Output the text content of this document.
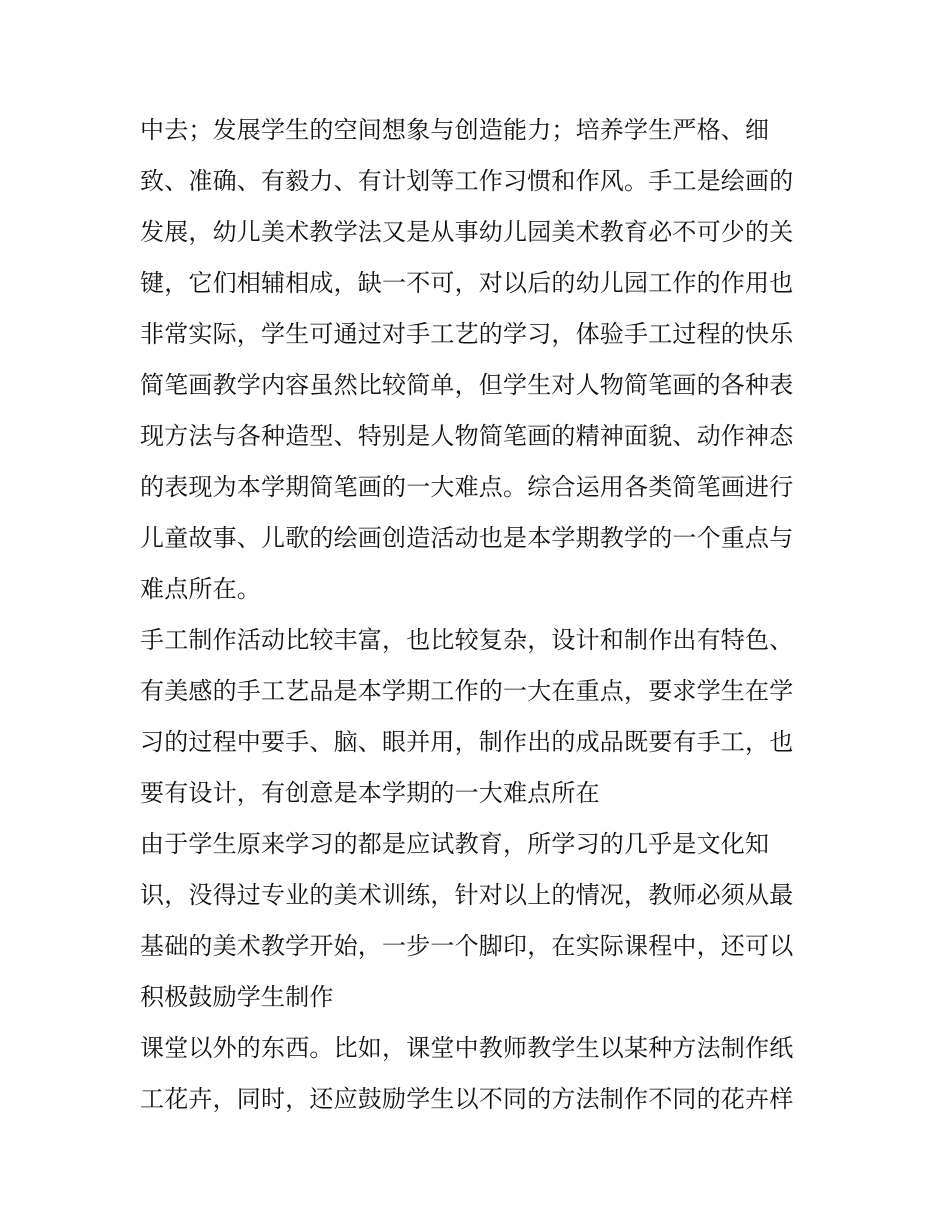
中去；发展学生的空间想象与创造能力；培养学生严格、细
致、准确、有毅力、有计划等工作习惯和作风。手工是绘画的
发展，幼儿美术教学法又是从事幼儿园美术教育必不可少的关
键，它们相辅相成，缺一不可，对以后的幼儿园工作的作用也
非常实际，学生可通过对手工艺的学习，体验手工过程的快乐
简笔画教学内容虽然比较简单，但学生对人物简笔画的各种表
现方法与各种造型、特别是人物简笔画的精神面貌、动作神态
的表现为本学期简笔画的一大难点。综合运用各类简笔画进行
儿童故事、儿歌的绘画创造活动也是本学期教学的一个重点与
难点所在。
手工制作活动比较丰富，也比较复杂，设计和制作出有特色、
有美感的手工艺品是本学期工作的一大在重点，要求学生在学
习的过程中要手、脑、眼并用，制作出的成品既要有手工，也
要有设计，有创意是本学期的一大难点所在
由于学生原来学习的都是应试教育，所学习的几乎是文化知
识，没得过专业的美术训练，针对以上的情况，教师必须从最
基础的美术教学开始，一步一个脚印，在实际课程中，还可以
积极鼓励学生制作
课堂以外的东西。比如，课堂中教师教学生以某种方法制作纸
工花卉，同时，还应鼓励学生以不同的方法制作不同的花卉样
